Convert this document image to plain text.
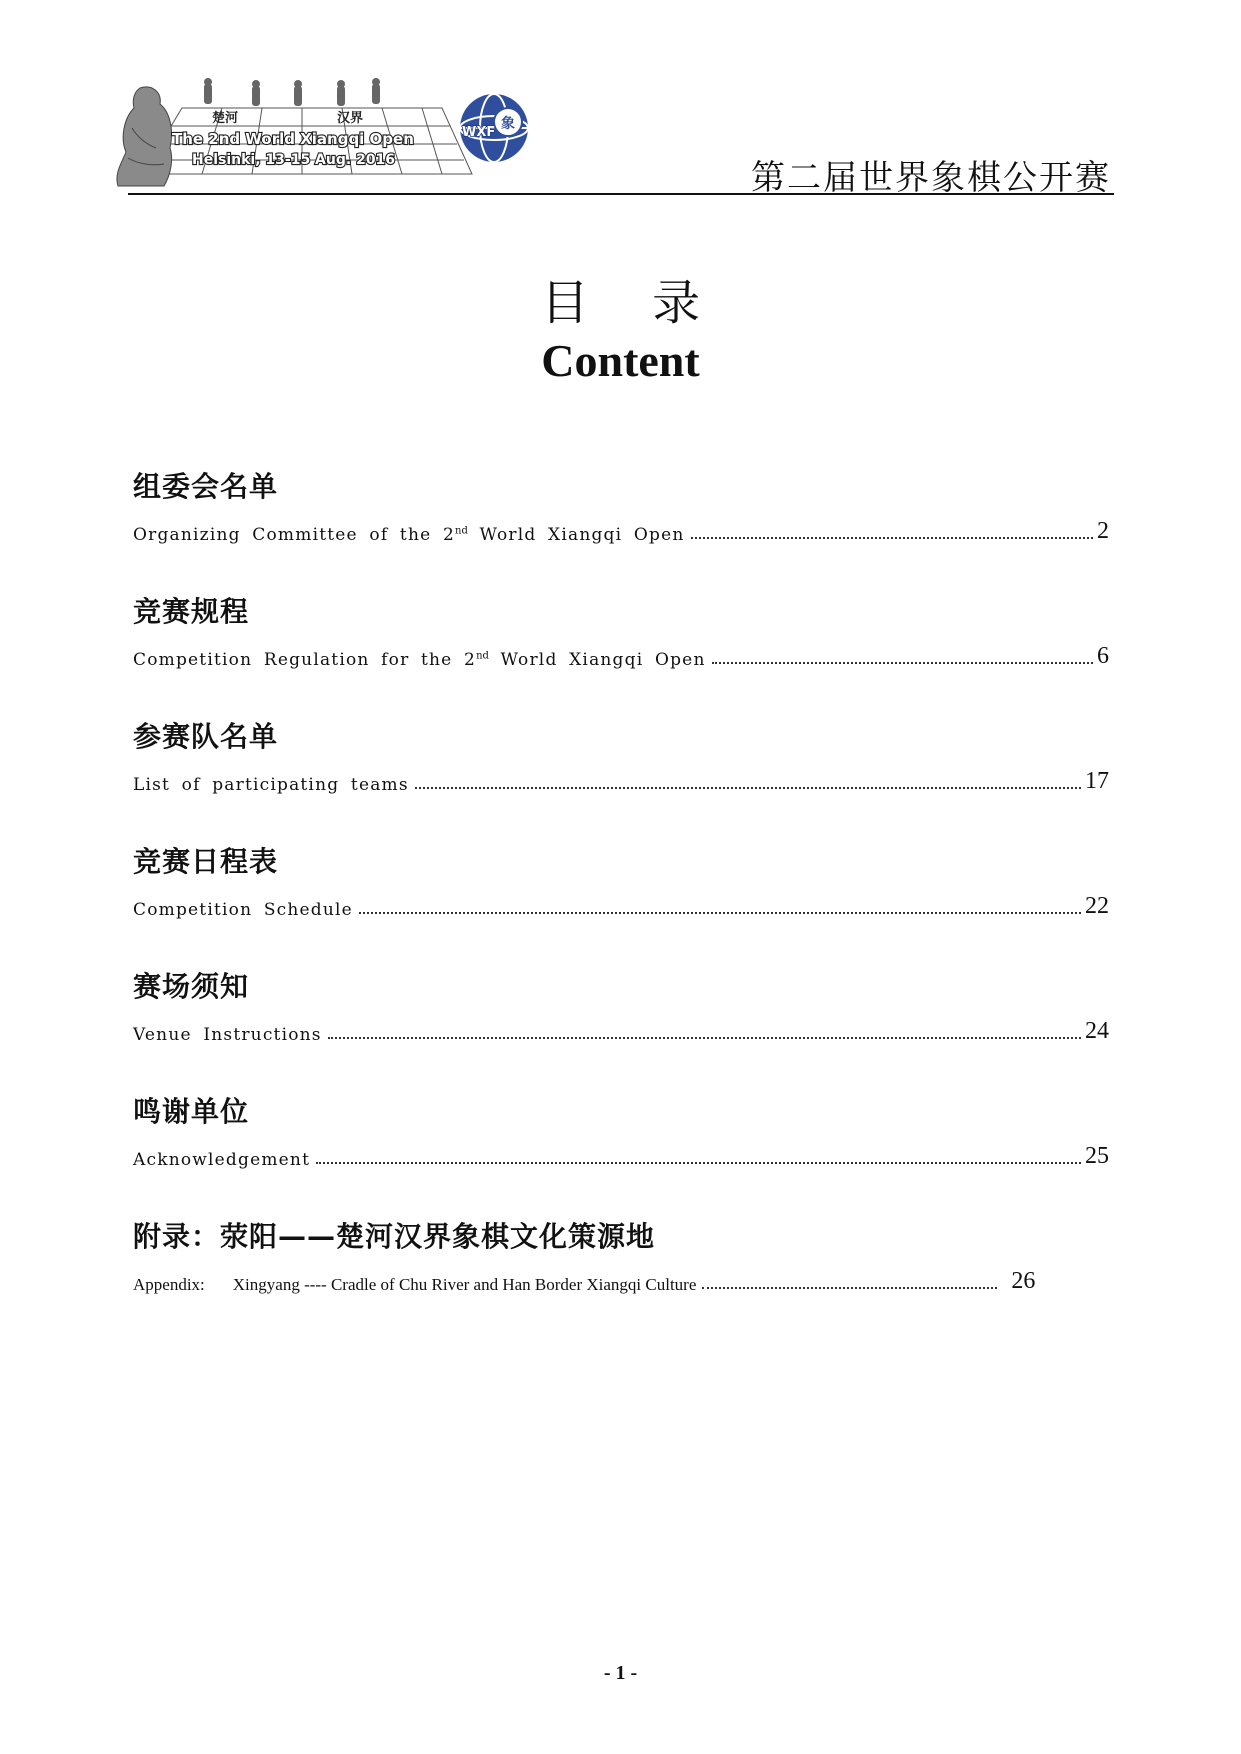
楚河	汉界
The 2nd World Xiangqi Open
Helsinki, 13-15 Aug. 2016
象
WXF
第二届世界象棋公开赛
目 录
Content
组委会名单
Organizing Committee of the 2nd World Xiangqi Open	2
竞赛规程
Competition Regulation for the 2nd World Xiangqi Open	6
参赛队名单
List of participating teams	17
竞赛日程表
Competition Schedule	22
赛场须知
Venue Instructions	24
鸣谢单位
Acknowledgement	25
附录：荥阳——楚河汉界象棋文化策源地
Appendix: Xingyang ---- Cradle of Chu River and Han Border Xiangqi Culture	26
- 1 -
